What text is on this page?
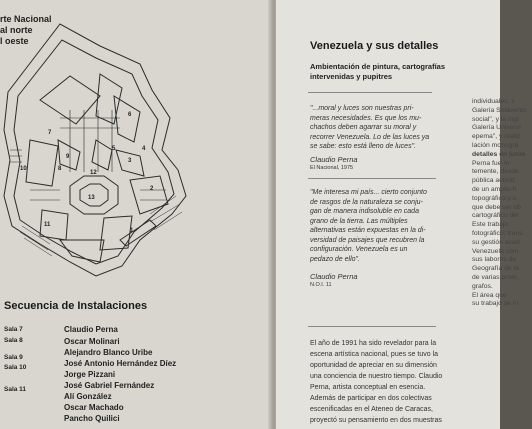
rte Nacional
al norte
l oeste
7
6
5	4
3
9
8
12
10
13
2
11
1
Secuencia de Instalaciones
Sala 7
Sala 8
Sala 9
Sala 10
Sala 11
Claudio Perna
Oscar Molinari
Alejandro Blanco Uribe
José Antonio Hernández Díez
Jorge Pizzani
José Gabriel Fernández
Alí González
Oscar Machado
Pancho Quilici
Venezuela y sus detalles
Ambientación de pintura, cartografías
intervenidas y pupitres
"...moral y luces son nuestras pri-
meras necesidades. Es que los mu-
chachos deben agarrar su moral y
recorrer Venezuela. Lo de las luces ya
se sabe: esto está lleno de luces".
Claudio Perna
El Nacional, 1975
"Me interesa mi país... cierto conjunto
de rasgos de la naturaleza se conju-
gan de manera indisoluble en cada
grano de la tierra. Las múltiples
alternativas están expuestas en la di-
versidad de paisajes que recubren la
configuración. Venezuela es un
pedazo de ello".
Claudio Perna
N.O.I. 11
El año de 1991 ha sido revelador para la
escena artística nacional, pues se tuvo la
oportunidad de apreciar en su dimensión
una conciencia de nuestro tiempo. Claudio
Perna, artista conceptual en esencia.
Además de participar en dos colectivas
escenificadas en el Ateneo de Caracas,
proyectó su pensamiento en dos muestras
individuales; s
Galería Sotavento
social", y la ingl
Galería Universi
epema", y realiz
lación monográ
detalles en junio
Perna fue m
temente, desde
pública activid
de un amplio h
topográfica y u
que debe ser ob
cartográfico del
Este trabajo
fotográfico; trans
su gestión acad
Venezuela com
sus labores de
Geografía de la
de varias prom
grafos.
El área que
su trabajo se in
